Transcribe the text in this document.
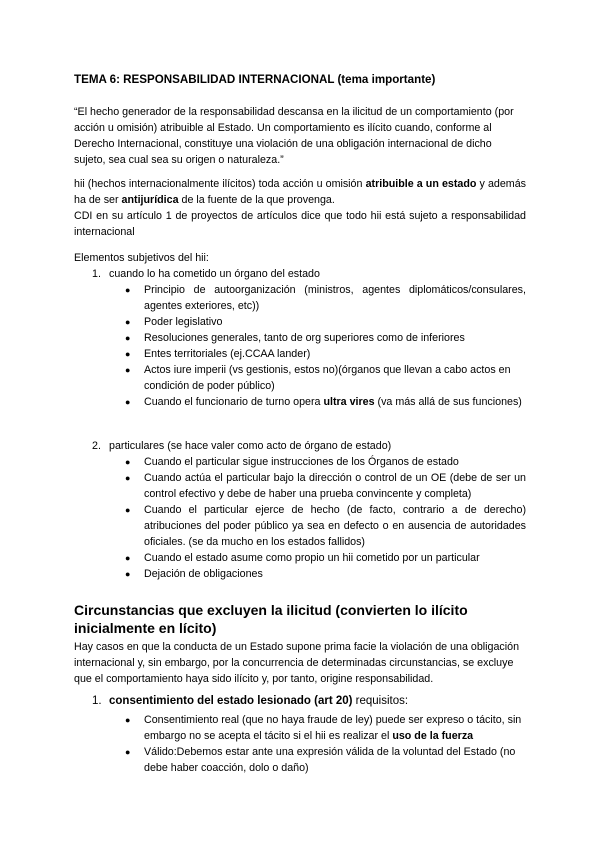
TEMA 6: RESPONSABILIDAD INTERNACIONAL (tema importante)
“El hecho generador de la responsabilidad descansa en la ilicitud de un comportamiento (por acción u omisión) atribuible al Estado. Un comportamiento es ilícito cuando, conforme al Derecho Internacional, constituye una violación de una obligación internacional de dicho sujeto, sea cual sea su origen o naturaleza.”
hii (hechos internacionalmente ilícitos) toda acción u omisión atribuible a un estado y además ha de ser antijurídica de la fuente de la que provenga.
CDI en su artículo 1 de proyectos de artículos dice que todo hii está sujeto a responsabilidad internacional
Elementos subjetivos del hii:
1. cuando lo ha cometido un órgano del estado
● Principio de autoorganización (ministros, agentes diplomáticos/consulares, agentes exteriores, etc))
● Poder legislativo
● Resoluciones generales, tanto de org superiores como de inferiores
● Entes territoriales (ej.CCAA lander)
● Actos iure imperii (vs gestionis, estos no)(órganos que llevan a cabo actos en condición de poder público)
● Cuando el funcionario de turno opera ultra vires (va más allá de sus funciones)
2. particulares (se hace valer como acto de órgano de estado)
● Cuando el particular sigue instrucciones de los Órganos de estado
● Cuando actúa el particular bajo la dirección o control de un OE (debe de ser un control efectivo y debe de haber una prueba convincente y completa)
● Cuando el particular ejerce de hecho (de facto, contrario a de derecho) atribuciones del poder público ya sea en defecto o en ausencia de autoridades oficiales. (se da mucho en los estados fallidos)
● Cuando el estado asume como propio un hii cometido por un particular
● Dejación de obligaciones
Circunstancias que excluyen la ilicitud (convierten lo ilícito inicialmente en lícito)
Hay casos en que la conducta de un Estado supone prima facie la violación de una obligación internacional y, sin embargo, por la concurrencia de determinadas circunstancias, se excluye que el comportamiento haya sido ilícito y, por tanto, origine responsabilidad.
1. consentimiento del estado lesionado (art 20) requisitos:
● Consentimiento real (que no haya fraude de ley) puede ser expreso o tácito, sin embargo no se acepta el tácito si el hii es realizar el uso de la fuerza
● Válido:Debemos estar ante una expresión válida de la voluntad del Estado (no debe haber coacción, dolo o daño)
